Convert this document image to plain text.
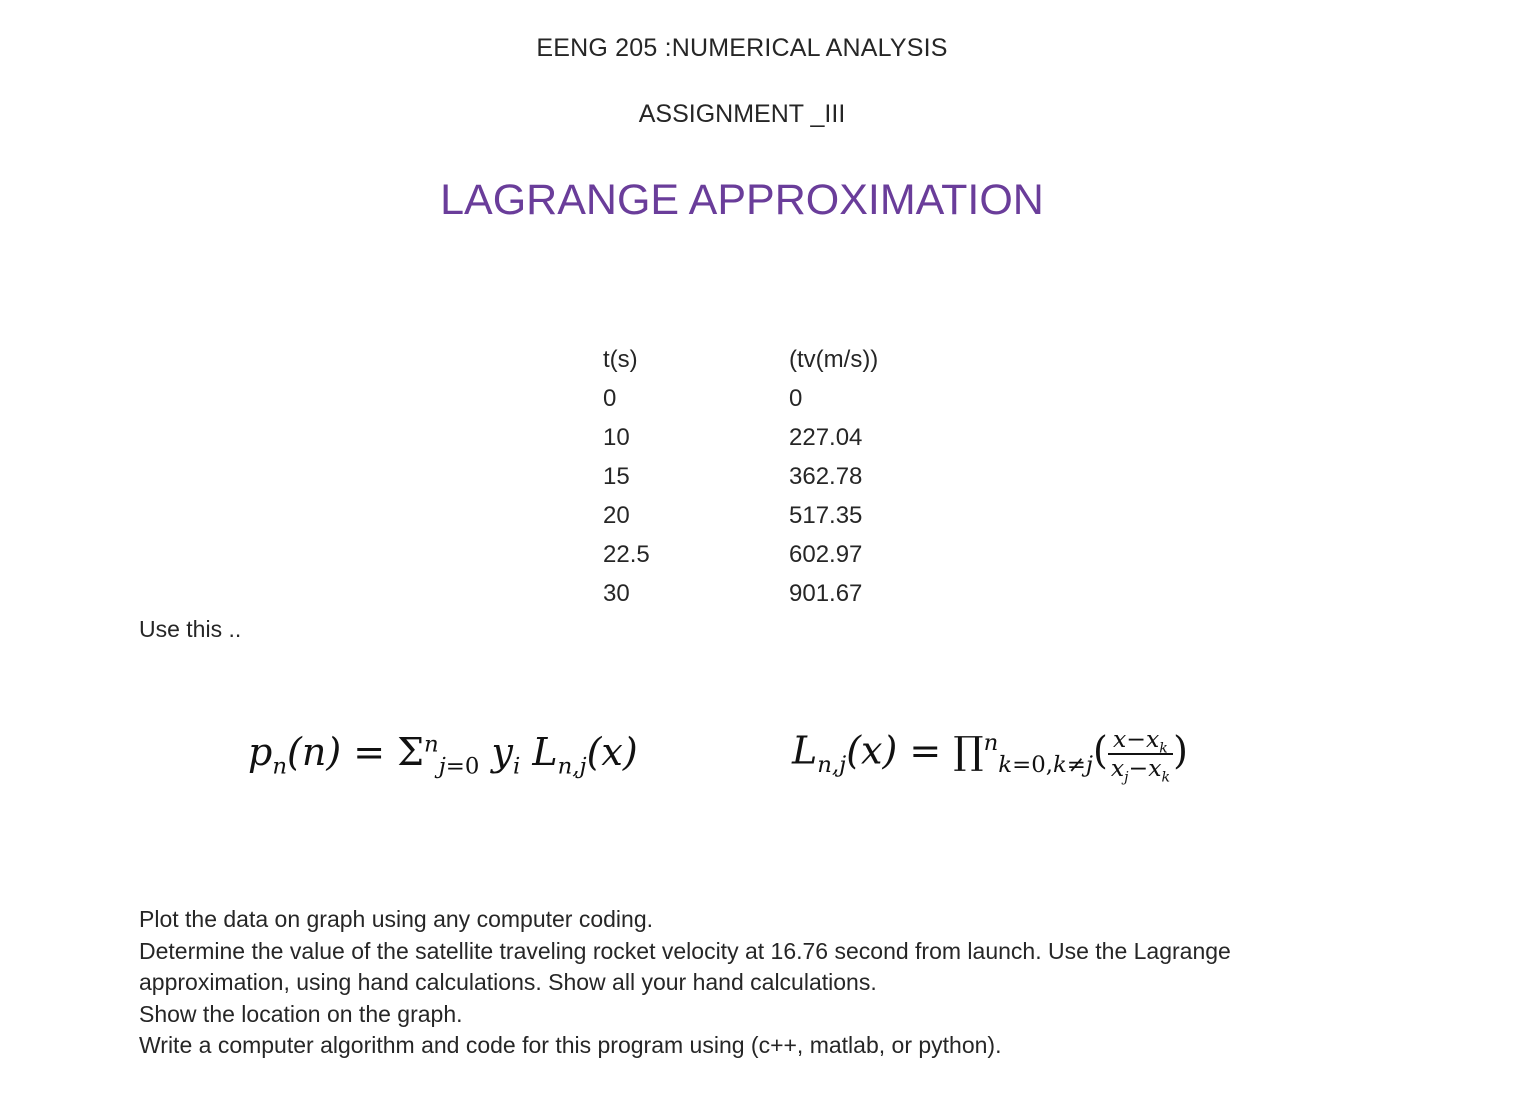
EENG 205 :NUMERICAL ANALYSIS
ASSIGNMENT _III
LAGRANGE APPROXIMATION
t(s)	(tv(m/s))
0	0
10	227.04
15	362.78
20	517.35
22.5	602.97
30	901.67
Use this ..
$p_n(n) = \Sigma^n_{j=0}$ $y_i$ $L_{n,j}(x)$	$L_{n,j}(x)$ = ∏$^n_{k=0,k\ne j}$( $\frac{x-x_k}{x_j-x_k}$ )

Plot the data on graph using any computer coding.

Determine the value of the satellite traveling rocket velocity at 16.76 second from launch. Use the Lagrange approximation, using hand calculations. Show all your hand calculations.

Show the location on the graph.

Write a computer algorithm and code for this program using (c++, matlab, or python).
